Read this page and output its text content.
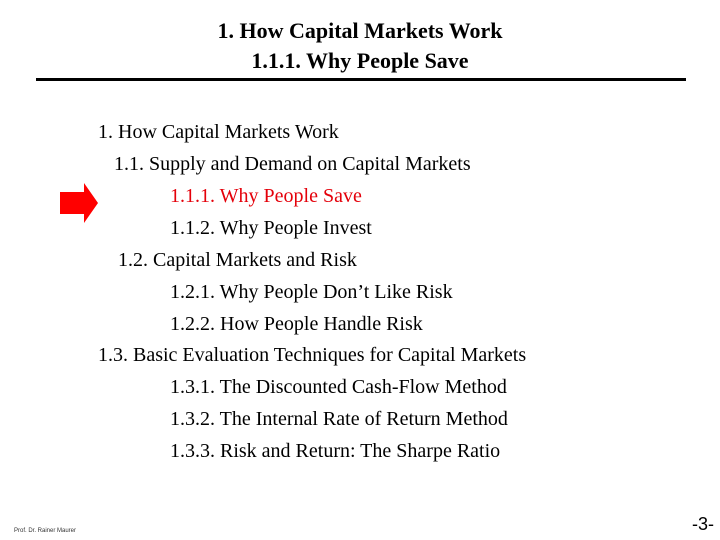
1. How Capital Markets Work
1.1.1. Why People Save
1. How Capital Markets Work
1.1. Supply and Demand on Capital Markets
1.1.1. Why People Save
1.1.2. Why People Invest
1.2. Capital Markets and Risk
1.2.1. Why People Don’t Like Risk
1.2.2. How People Handle Risk
1.3. Basic Evaluation Techniques for Capital Markets
1.3.1. The Discounted Cash-Flow Method
1.3.2. The Internal Rate of Return Method
1.3.3. Risk and Return: The Sharpe Ratio
Prof. Dr. Rainer Maurer	-3-
